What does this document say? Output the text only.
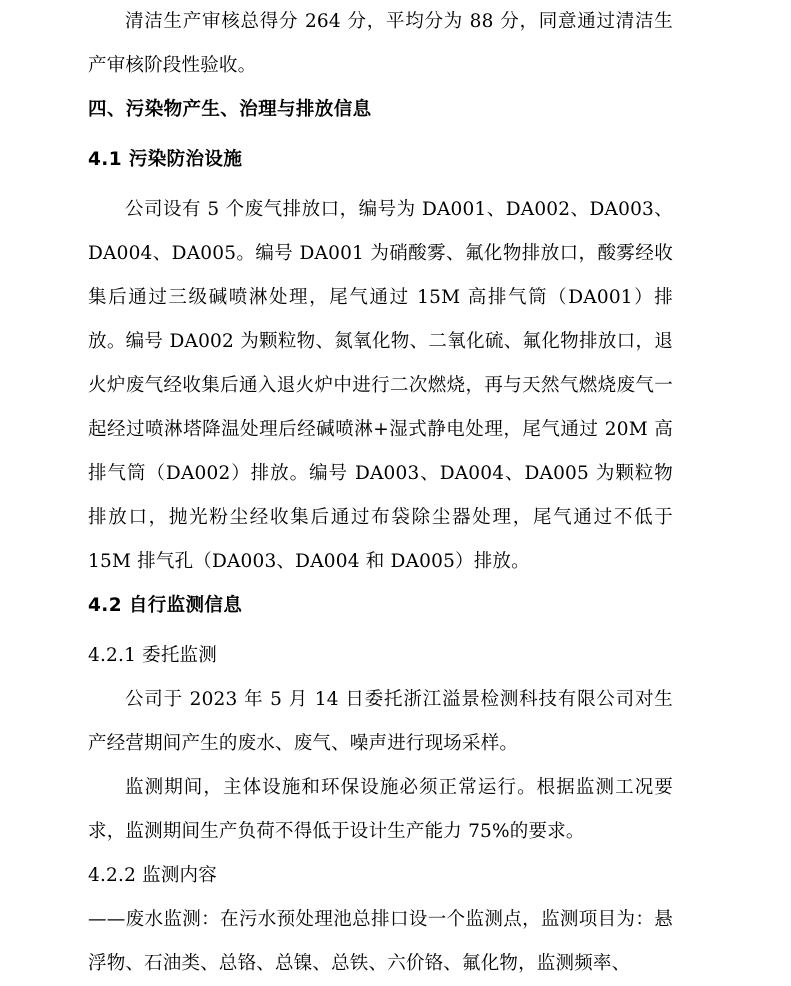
清洁生产审核总得分 264 分，平均分为 88 分，同意通过清洁生产审核阶段性验收。

四、污染物产生、治理与排放信息

4.1 污染防治设施

公司设有 5 个废气排放口，编号为 DA001、DA002、DA003、DA004、DA005。编号 DA001 为硝酸雾、氟化物排放口，酸雾经收集后通过三级碱喷淋处理，尾气通过 15M 高排气筒（DA001）排放。编号 DA002 为颗粒物、氮氧化物、二氧化硫、氟化物排放口，退火炉废气经收集后通入退火炉中进行二次燃烧，再与天然气燃烧废气一起经过喷淋塔降温处理后经碱喷淋+湿式静电处理，尾气通过 20M 高排气筒（DA002）排放。编号 DA003、DA004、DA005 为颗粒物排放口，抛光粉尘经收集后通过布袋除尘器处理，尾气通过不低于 15M 排气孔（DA003、DA004 和 DA005）排放。

4.2 自行监测信息

4.2.1 委托监测

公司于 2023 年 5 月 14 日委托浙江溢景检测科技有限公司对生产经营期间产生的废水、废气、噪声进行现场采样。

监测期间，主体设施和环保设施必须正常运行。根据监测工况要求，监测期间生产负荷不得低于设计生产能力 75%的要求。

4.2.2 监测内容

——废水监测：在污水预处理池总排口设一个监测点，监测项目为：悬浮物、石油类、总铬、总镍、总铁、六价铬、氟化物，监测频率、
